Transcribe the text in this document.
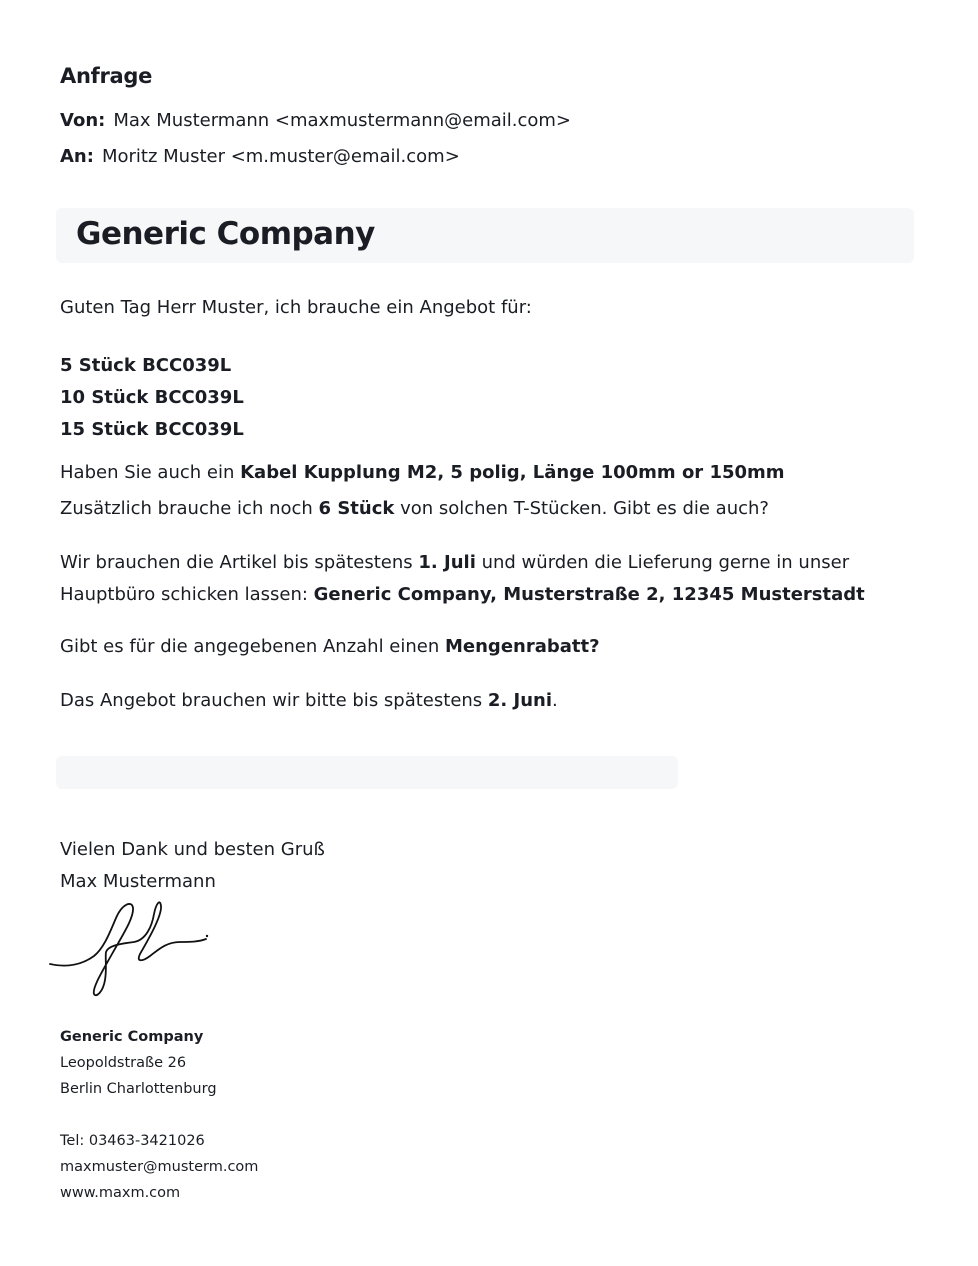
Anfrage
Von: Max Mustermann <maxmustermann@email.com>
An: Moritz Muster <m.muster@email.com>
Generic Company
Guten Tag Herr Muster, ich brauche ein Angebot für:
5 Stück BCC039L
10 Stück BCC039L
15 Stück BCC039L
Haben Sie auch ein Kabel Kupplung M2, 5 polig, Länge 100mm or 150mm
Zusätzlich brauche ich noch 6 Stück von solchen T-Stücken. Gibt es die auch?
Wir brauchen die Artikel bis spätestens 1. Juli und würden die Lieferung gerne in unser
Hauptbüro schicken lassen: Generic Company, Musterstraße 2, 12345 Musterstadt
Gibt es für die angegebenen Anzahl einen Mengenrabatt?
Das Angebot brauchen wir bitte bis spätestens 2. Juni.
Vielen Dank und besten Gruß
Max Mustermann
Generic Company
Leopoldstraße 26
Berlin Charlottenburg
Tel: 03463-3421026
maxmuster@musterm.com
www.maxm.com
